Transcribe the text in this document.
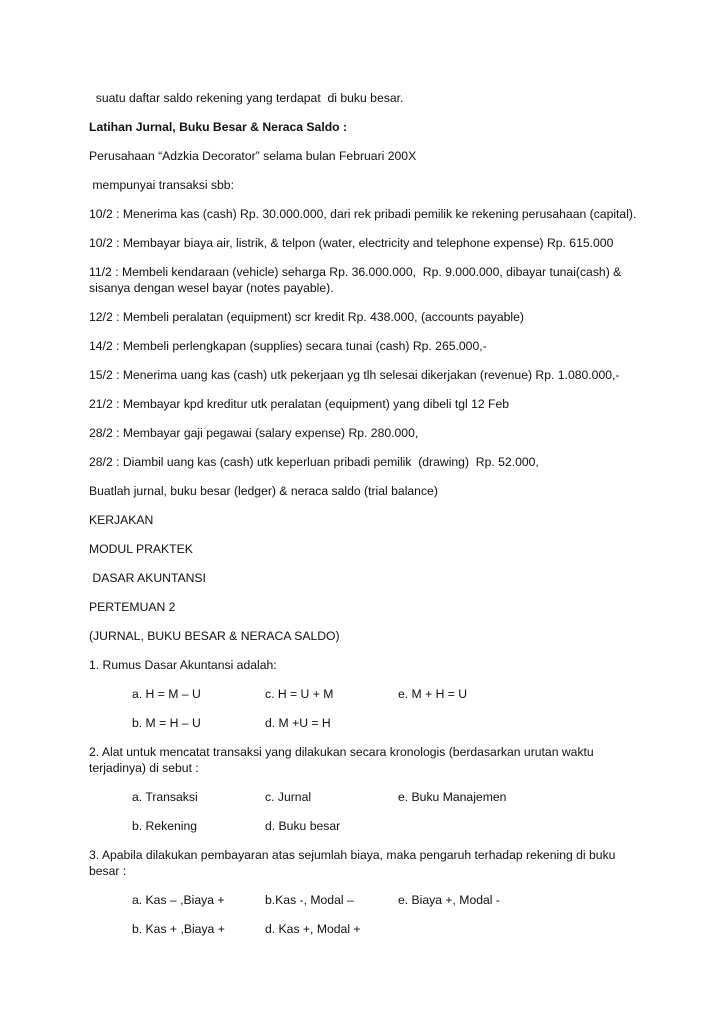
suatu daftar saldo rekening yang terdapat  di buku besar.

Latihan Jurnal, Buku Besar & Neraca Saldo :

Perusahaan “Adzkia Decorator” selama bulan Februari 200X

mempunyai transaksi sbb:

10/2 : Menerima kas (cash) Rp. 30.000.000, dari rek pribadi pemilik ke rekening perusahaan (capital).

10/2 : Membayar biaya air, listrik, & telpon (water, electricity and telephone expense) Rp. 615.000

11/2 : Membeli kendaraan (vehicle) seharga Rp. 36.000.000,  Rp. 9.000.000, dibayar tunai(cash) &
sisanya dengan wesel bayar (notes payable).

12/2 : Membeli peralatan (equipment) scr kredit Rp. 438.000, (accounts payable)

14/2 : Membeli perlengkapan (supplies) secara tunai (cash) Rp. 265.000,-

15/2 : Menerima uang kas (cash) utk pekerjaan yg tlh selesai dikerjakan (revenue) Rp. 1.080.000,-

21/2 : Membayar kpd kreditur utk peralatan (equipment) yang dibeli tgl 12 Feb

28/2 : Membayar gaji pegawai (salary expense) Rp. 280.000,

28/2 : Diambil uang kas (cash) utk keperluan pribadi pemilik  (drawing)  Rp. 52.000,

Buatlah jurnal, buku besar (ledger) & neraca saldo (trial balance)

KERJAKAN

MODUL PRAKTEK

DASAR AKUNTANSI

PERTEMUAN 2

(JURNAL, BUKU BESAR & NERACA SALDO)

1. Rumus Dasar Akuntansi adalah:

a. H = M – U	c. H = U + M	e. M + H = U
b. M = H – U	d. M +U = H

2. Alat untuk mencatat transaksi yang dilakukan secara kronologis (berdasarkan urutan waktu
terjadinya) di sebut :

a. Transaksi	c. Jurnal	e. Buku Manajemen
b. Rekening	d. Buku besar

3. Apabila dilakukan pembayaran atas sejumlah biaya, maka pengaruh terhadap rekening di buku
besar :

a. Kas – ,Biaya +	b.Kas -, Modal –	e. Biaya +, Modal -
b. Kas + ,Biaya +	d. Kas +, Modal +
